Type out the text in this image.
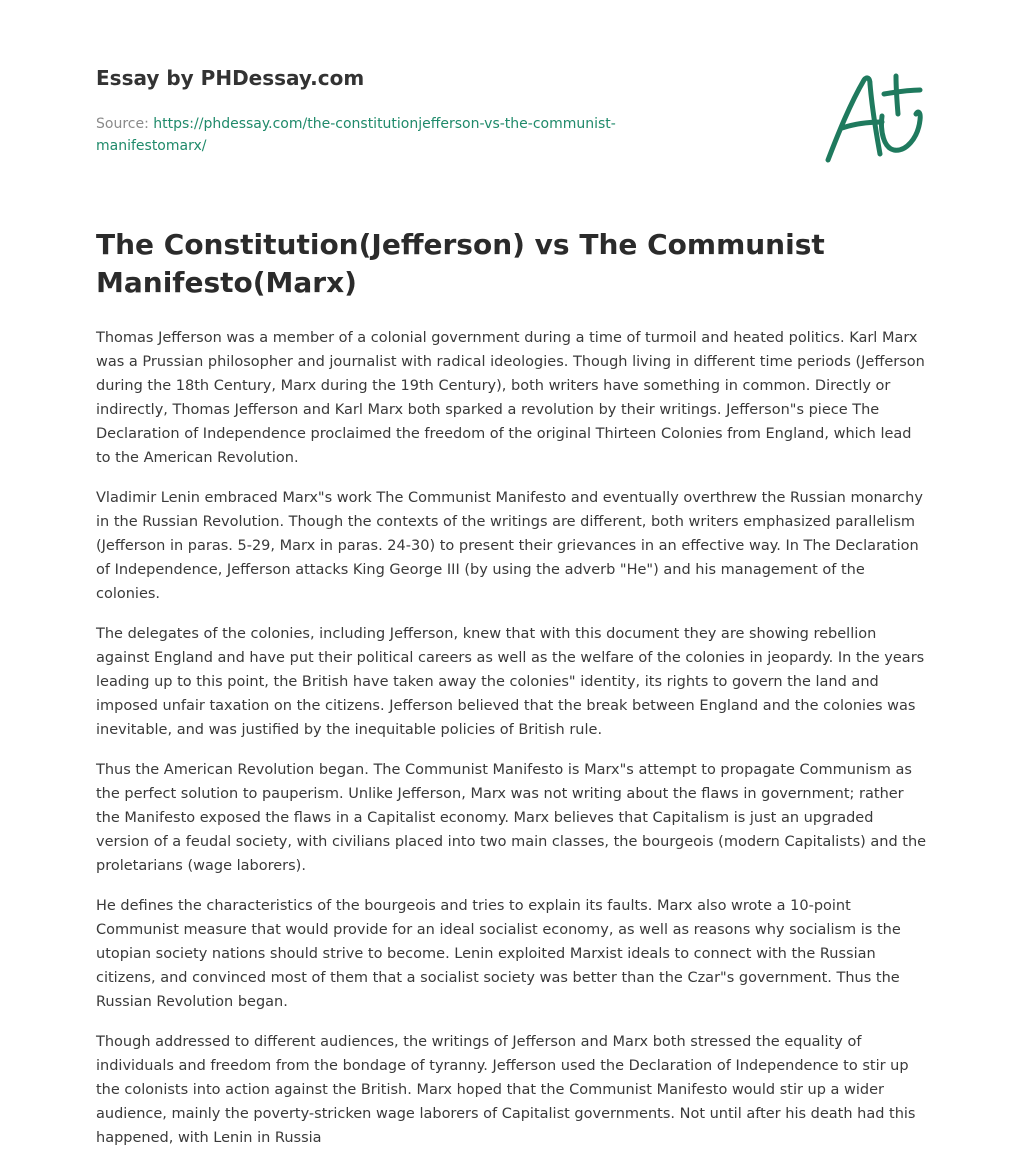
Essay by PHDessay.com
Source: https://phdessay.com/the-constitutionjefferson-vs-the-communist-manifestomarx/
The Constitution(Jefferson) vs The Communist Manifesto(Marx)

Thomas Jefferson was a member of a colonial government during a time of turmoil and heated politics. Karl Marx was a Prussian philosopher and journalist with radical ideologies. Though living in different time periods (Jefferson during the 18th Century, Marx during the 19th Century), both writers have something in common. Directly or indirectly, Thomas Jefferson and Karl Marx both sparked a revolution by their writings. Jefferson"s piece The Declaration of Independence proclaimed the freedom of the original Thirteen Colonies from England, which lead to the American Revolution.

Vladimir Lenin embraced Marx"s work The Communist Manifesto and eventually overthrew the Russian monarchy in the Russian Revolution. Though the contexts of the writings are different, both writers emphasized parallelism (Jefferson in paras. 5-29, Marx in paras. 24-30) to present their grievances in an effective way. In The Declaration of Independence, Jefferson attacks King George III (by using the adverb "He") and his management of the colonies.

The delegates of the colonies, including Jefferson, knew that with this document they are showing rebellion against England and have put their political careers as well as the welfare of the colonies in jeopardy. In the years leading up to this point, the British have taken away the colonies" identity, its rights to govern the land and imposed unfair taxation on the citizens. Jefferson believed that the break between England and the colonies was inevitable, and was justified by the inequitable policies of British rule.

Thus the American Revolution began. The Communist Manifesto is Marx"s attempt to propagate Communism as the perfect solution to pauperism. Unlike Jefferson, Marx was not writing about the flaws in government; rather the Manifesto exposed the flaws in a Capitalist economy. Marx believes that Capitalism is just an upgraded version of a feudal society, with civilians placed into two main classes, the bourgeois (modern Capitalists) and the proletarians (wage laborers).

He defines the characteristics of the bourgeois and tries to explain its faults. Marx also wrote a 10-point Communist measure that would provide for an ideal socialist economy, as well as reasons why socialism is the utopian society nations should strive to become. Lenin exploited Marxist ideals to connect with the Russian citizens, and convinced most of them that a socialist society was better than the Czar"s government. Thus the Russian Revolution began.

Though addressed to different audiences, the writings of Jefferson and Marx both stressed the equality of individuals and freedom from the bondage of tyranny. Jefferson used the Declaration of Independence to stir up the colonists into action against the British. Marx hoped that the Communist Manifesto would stir up a wider audience, mainly the poverty-stricken wage laborers of Capitalist governments. Not until after his death had this happened, with Lenin in Russia
